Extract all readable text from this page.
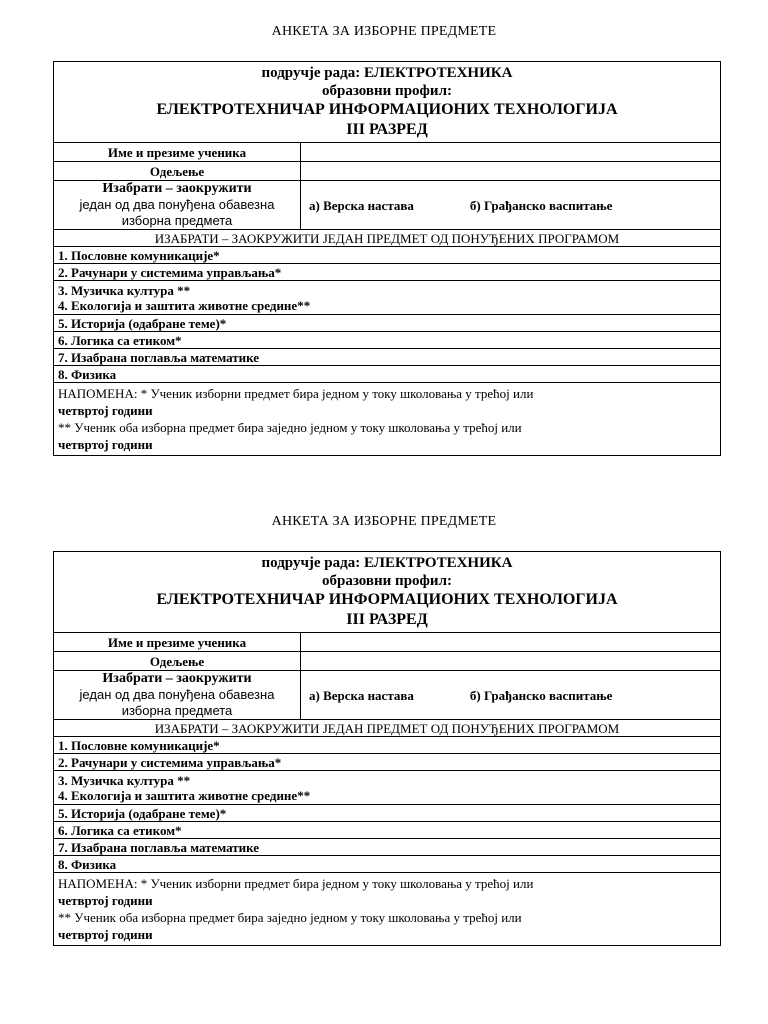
АНКЕТА ЗА ИЗБОРНЕ ПРЕДМЕТЕ
подручје рада: ЕЛЕКТРОТЕХНИКА
образовни профил:
ЕЛЕКТРОТЕХНИЧАР ИНФОРМАЦИОНИХ ТЕХНОЛОГИЈА
III РАЗРЕД	

Име и презиме ученика	
Одељење	

Изабрати – заокружити
један од два понуђена обавезна
изборна предмета	а) Верска настава б) Грађанско васпитање
ИЗАБРАТИ – ЗАОКРУЖИТИ ЈЕДАН ПРЕДМЕТ ОД ПОНУЂЕНИХ ПРОГРАМОМ	
1. Пословне комуникације*	
2. Рачунари у системима управљања*	

3. Музичка култура **
4. Екологија и заштита животне средине**	

5. Историја (одабране теме)*	
6. Логика са етиком*	
7. Изабрана поглавља математике	
8. Физика	

НАПОМЕНА: * Ученик изборни предмет бира једном у току школовања у трећој или
четвртој години
** Ученик оба изборна предмет бира заједно једном у току школовања у трећој или
четвртој години	
АНКЕТА ЗА ИЗБОРНЕ ПРЕДМЕТЕ
подручје рада: ЕЛЕКТРОТЕХНИКА
образовни профил:
ЕЛЕКТРОТЕХНИЧАР ИНФОРМАЦИОНИХ ТЕХНОЛОГИЈА
III РАЗРЕД	

Име и презиме ученика	
Одељење	

Изабрати – заокружити
један од два понуђена обавезна
изборна предмета	а) Верска настава б) Грађанско васпитање
ИЗАБРАТИ – ЗАОКРУЖИТИ ЈЕДАН ПРЕДМЕТ ОД ПОНУЂЕНИХ ПРОГРАМОМ	
1. Пословне комуникације*	
2. Рачунари у системима управљања*	

3. Музичка култура **
4. Екологија и заштита животне средине**	

5. Историја (одабране теме)*	
6. Логика са етиком*	
7. Изабрана поглавља математике	
8. Физика	

НАПОМЕНА: * Ученик изборни предмет бира једном у току школовања у трећој или
четвртој години
** Ученик оба изборна предмет бира заједно једном у току школовања у трећој или
четвртој години	
